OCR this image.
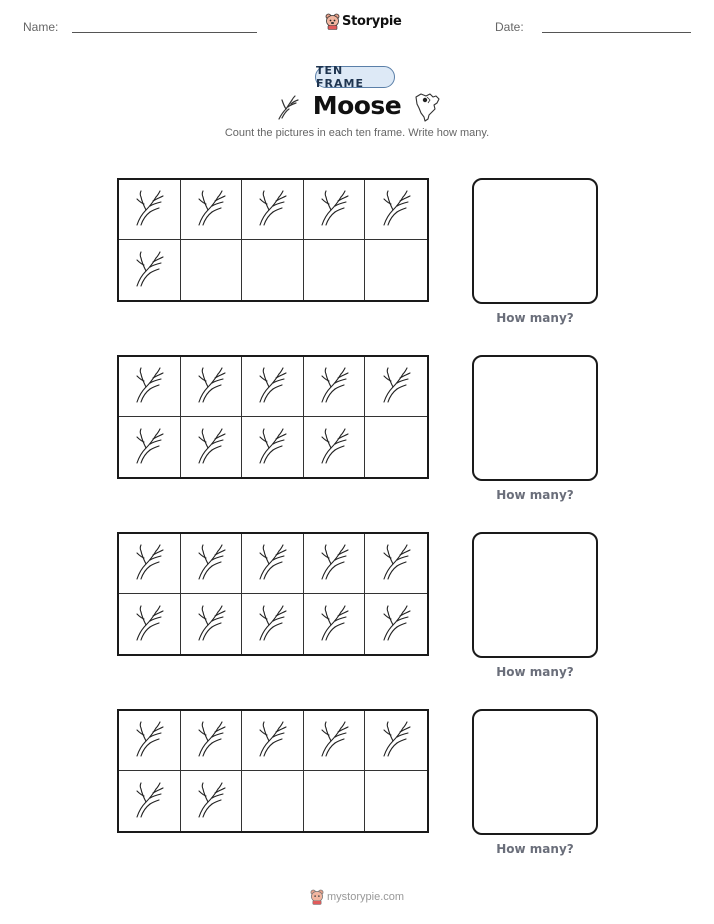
Name:	Storypie	Date:
TEN FRAME
Moose
Count the pictures in each ten frame. Write how many.
How many?
How many?
How many?
How many?
mystorypie.com
